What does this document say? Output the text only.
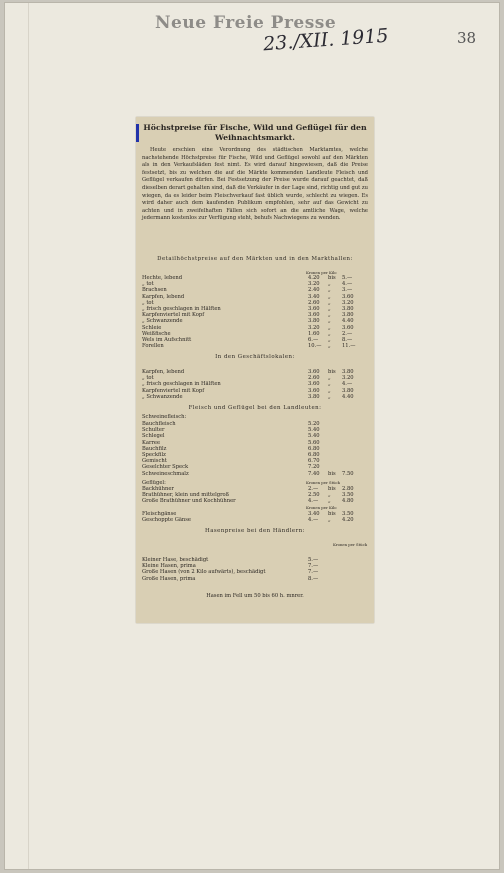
Neue Freie Presse
23./XII. 1915	38
Höchstpreise für Fische, Wild und Geflügel für den Weihnachtsmarkt.

Heute erschien eine Verordnung des städtischen Marktamtes, welche nachstehende Höchstpreise für Fische, Wild und Geflügel sowohl auf den Märkten als in den Verkaufsläden fest nimt. Es wird darauf hingewiesen, daß die Preise festsetzt, bis zu welchen die auf die Märkte kommenden Landleute Fleisch und Geflügel verkaufen dürfen. Bei Festsetzung der Preise wurde darauf geachtet, daß dieselben derart gehalten sind, daß die Verkäufer in der Lage sind, richtig und gut zu wiegen, da es leider beim Fleischverkauf fast üblich wurde, schlecht zu wiegen. Es wird daher auch dem kaufenden Publikum empfohlen, sehr auf das Gewicht zu achten und in zweifelhaften Fällen sich sofort an die amtliche Wage, welche jedermann kostenlos zur Verfügung steht, behufs Nachwiegens zu wenden.

Detailhöchstpreise auf den Märkten und in den Markthallen:
Kronen per Kilo
Hechte, lebend	4.20 bis 5.—
„ tot	3.20 „ 4.—
Brachsen	2.40 „ 3.—
Karpfen, lebend	3.40 „ 3.60
„ tot	2.60 „ 3.20
„ frisch geschlagen in Hälften	3.60 „ 3.80
Karpfenviertel mit Kopf	3.60 „ 3.80
„ Schwanzende	3.80 „ 4.40
Schleie	3.20 „ 3.60
Weißfische	1.60 „ 2.—
Wels im Aufschnitt	6.— „ 8.—
Forellen	10.— „ 11.—
In den Geschäftslokalen:
Karpfen, lebend	3.60 bis 3.80
„ tot	2.60 „ 3.20
„ frisch geschlagen in Hälften	3.60 „ 4.—
Karpfenviertel mit Kopf	3.60 „ 3.80
„ Schwanzende	3.80 „ 4.40
Fleisch und Geflügel bei den Landleuten:
Schweinefleisch:
Bauchfleisch	5.20
Schulter	5.40
Schlegel	5.40
Karree	5.60
Bauchfilz	6.80
Speckfilz	6.80
Gemischt	6.70
Geselchter Speck	7.20
Schweineschmalz	7.40 bis 7.50
Geflügel:	Kronen per Stück
Backhühner	2.— bis 2.80
Brathühner, klein und mittelgroß	2.50 „ 3.50
Große Brathühner und Kochhühner	4.— „ 4.80
Kronen per Kilo
Fleischgänse	3.40 bis 3.50
Geschoppte Gänse	4.— „ 4.20
Hasenpreise bei den Händlern:
Kronen per Stück
Kleiner Hase, beschädigt	5.—
Kleine Hasen, prima	7.—
Große Hasen (von 2 Kilo aufwärts), beschädigt	7.—
Große Hasen, prima	8.—
Hasen im Fell um 50 bis 60 h. mnrer.
